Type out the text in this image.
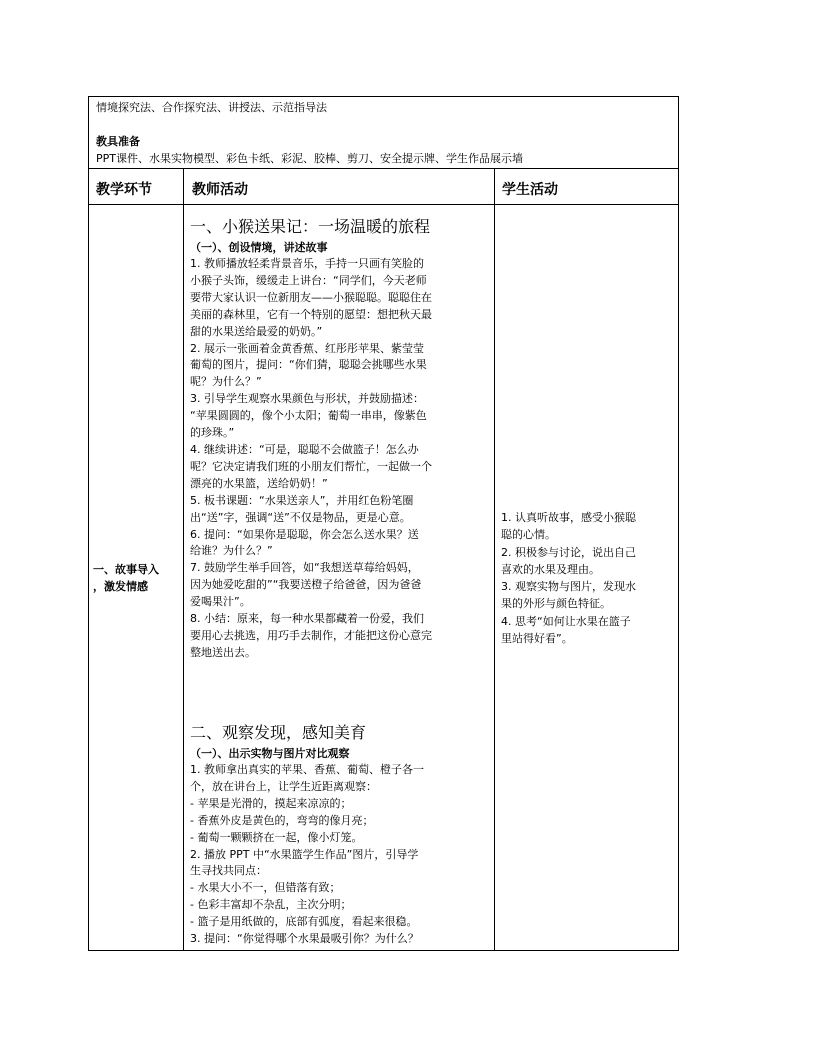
情境探究法、合作探究法、讲授法、示范指导法
教具准备
PPT课件、水果实物模型、彩色卡纸、彩泥、胶棒、剪刀、安全提示牌、学生作品展示墙
教学环节	教师活动	学生活动
一、故事导入
，激发情感
一、小猴送果记：一场温暖的旅程
（一）、创设情境，讲述故事
1. 教师播放轻柔背景音乐，手持一只画有笑脸的
小猴子头饰，缓缓走上讲台：“同学们，今天老师
要带大家认识一位新朋友——小猴聪聪。聪聪住在
美丽的森林里，它有一个特别的愿望：想把秋天最
甜的水果送给最爱的奶奶。”
2. 展示一张画着金黄香蕉、红彤彤苹果、紫莹莹
葡萄的图片，提问：“你们猜，聪聪会挑哪些水果
呢？为什么？”
3. 引导学生观察水果颜色与形状，并鼓励描述：
“苹果圆圆的，像个小太阳；葡萄一串串，像紫色
的珍珠。”
4. 继续讲述：“可是，聪聪不会做篮子！怎么办
呢？它决定请我们班的小朋友们帮忙，一起做一个
漂亮的水果篮，送给奶奶！”
5. 板书课题：“水果送亲人”，并用红色粉笔圈
出“送”字，强调“送”不仅是物品，更是心意。
6. 提问：“如果你是聪聪，你会怎么送水果？送
给谁？为什么？”
7. 鼓励学生举手回答，如“我想送草莓给妈妈，
因为她爱吃甜的”“我要送橙子给爸爸，因为爸爸
爱喝果汁”。
8. 小结：原来，每一种水果都藏着一份爱，我们
要用心去挑选，用巧手去制作，才能把这份心意完
整地送出去。
二、观察发现，感知美育
（一）、出示实物与图片对比观察
1. 教师拿出真实的苹果、香蕉、葡萄、橙子各一
个，放在讲台上，让学生近距离观察：
- 苹果是光滑的，摸起来凉凉的；
- 香蕉外皮是黄色的，弯弯的像月亮；
- 葡萄一颗颗挤在一起，像小灯笼。
2. 播放 PPT 中“水果篮学生作品”图片，引导学
生寻找共同点：
- 水果大小不一，但错落有致；
- 色彩丰富却不杂乱，主次分明；
- 篮子是用纸做的，底部有弧度，看起来很稳。
3. 提问：“你觉得哪个水果最吸引你？为什么？
1. 认真听故事，感受小猴聪
聪的心情。
2. 积极参与讨论，说出自己
喜欢的水果及理由。
3. 观察实物与图片，发现水
果的外形与颜色特征。
4. 思考“如何让水果在篮子
里站得好看”。
